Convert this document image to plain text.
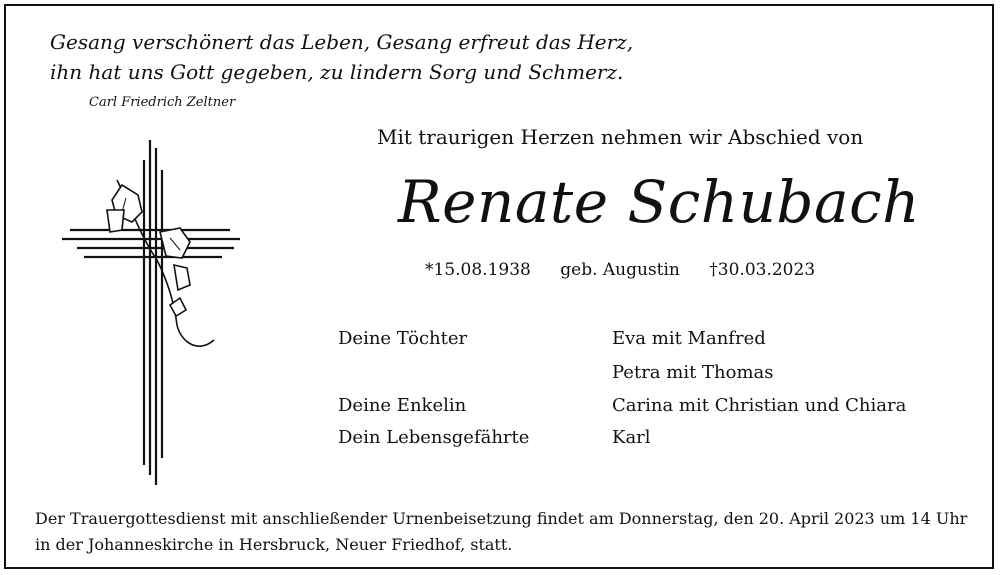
Gesang verschönert das Leben, Gesang erfreut das Herz,
ihn hat uns Gott gegeben, zu lindern Sorg und Schmerz.
Carl Friedrich Zeltner
Mit traurigen Herzen nehmen wir Abschied von
Renate Schubach
*15.08.1938 geb. Augustin †30.03.2023
Deine Töchter	Eva mit Manfred
Petra mit Thomas
Deine Enkelin	Carina mit Christian und Chiara
Dein Lebensgefährte	Karl
Der Trauergottesdienst mit anschließender Urnenbeisetzung findet am Donnerstag, den 20. April 2023 um 14 Uhr
in der Johanneskirche in Hersbruck, Neuer Friedhof, statt.
